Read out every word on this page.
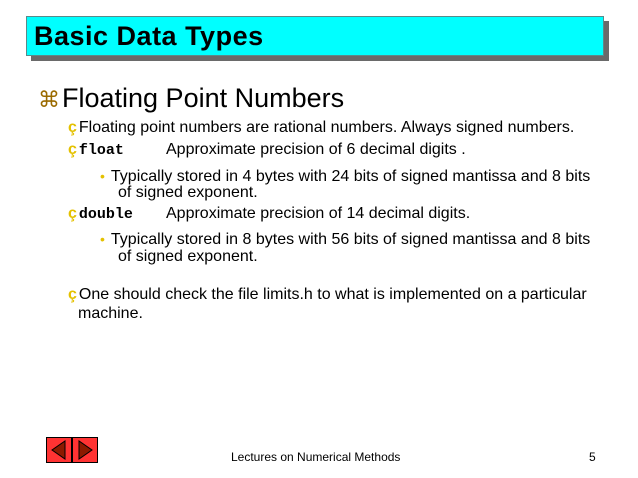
Basic Data Types
⌘Floating Point Numbers
ç Floating point numbers are rational numbers. Always signed numbers.
ç float	Approximate precision of 6 decimal digits .
• Typically stored in 4 bytes with 24 bits of signed mantissa and 8 bits
of signed exponent.
ç double Approximate precision of 14 decimal digits.
• Typically stored in 8 bytes with 56 bits of signed mantissa and 8 bits
of signed exponent.
ç One should check the file limits.h to what is implemented on a particular
machine.
Lectures on Numerical Methods	5
